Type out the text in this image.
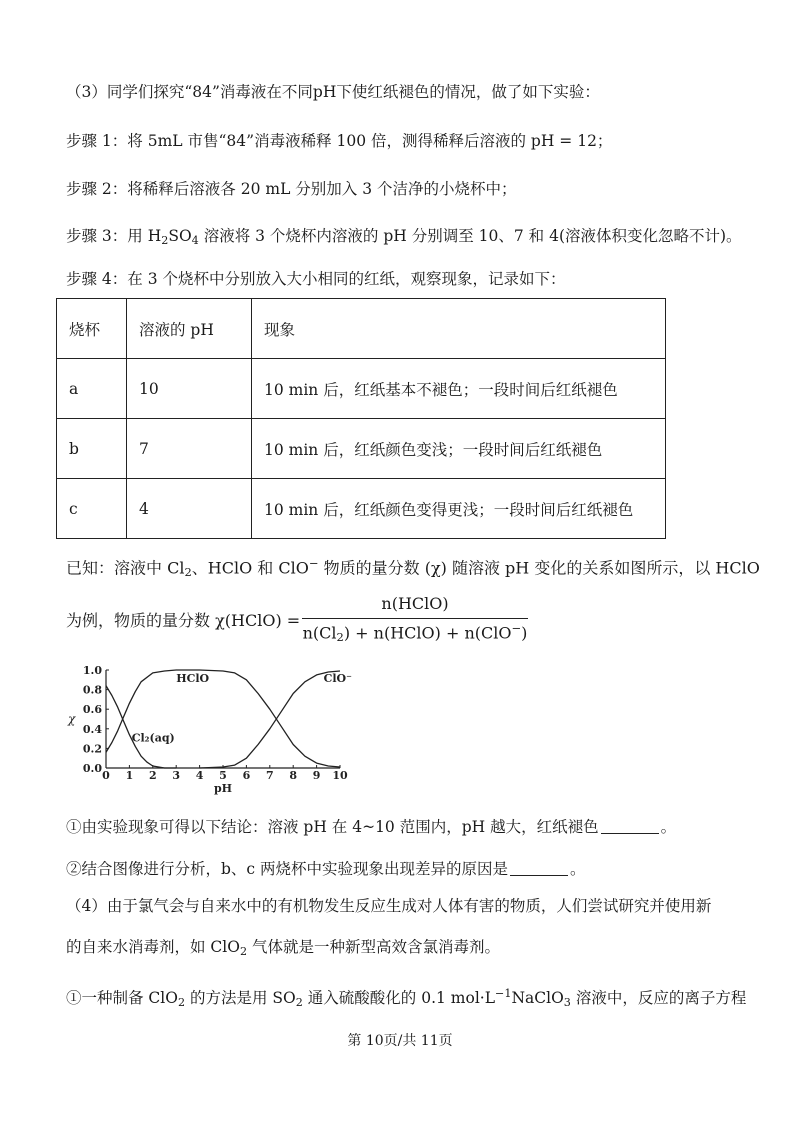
（3）同学们探究“84”消毒液在不同pH下使红纸褪色的情况，做了如下实验：
步骤 1：将 5mL 市售“84”消毒液稀释 100 倍，测得稀释后溶液的 pH = 12；
步骤 2：将稀释后溶液各 20 mL 分别加入 3 个洁净的小烧杯中；
步骤 3：用 $H_2SO_4$ 溶液将 3 个烧杯内溶液的 pH 分别调至 10、7 和 4(溶液体积变化忽略不计)。
步骤 4：在 3 个烧杯中分别放入大小相同的红纸，观察现象，记录如下：
烧杯	溶液的 pH	现象
a	10	10 min 后，红纸基本不褪色；一段时间后红纸褪色
b	7	10 min 后，红纸颜色变浅；一段时间后红纸褪色
c	4	10 min 后，红纸颜色变得更浅；一段时间后红纸褪色
已知：溶液中 $Cl_2$、HClO 和 ClO− 物质的量分数 (χ) 随溶液 pH 变化的关系如图所示，以 HClO
为例，物质的量分数 χ(HClO) =
n(HClO)
$n(Cl_2)$ + n(HClO) + n(ClO−)
0 1 2 3 4 5 6 7 8 9 10
0.0
0.2
0.4
0.6
0.8
1.0
pH
χ
HClO	ClO⁻
Cl₂(aq)
①由实验现象可得以下结论：溶液 pH 在 4~10 范围内，pH 越大，红纸褪色	。
②结合图像进行分析，b、c 两烧杯中实验现象出现差异的原因是	。
（4）由于氯气会与自来水中的有机物发生反应生成对人体有害的物质，人们尝试研究并使用新
的自来水消毒剂，如 ClO$_2$ 气体就是一种新型高效含氯消毒剂。
①一种制备 ClO$_2$ 的方法是用 $SO_2$ 通入硫酸酸化的 0.1 $mol\cdot L^{-1}NaClO_3$ 溶液中，反应的离子方程
第 10页/共 11页
